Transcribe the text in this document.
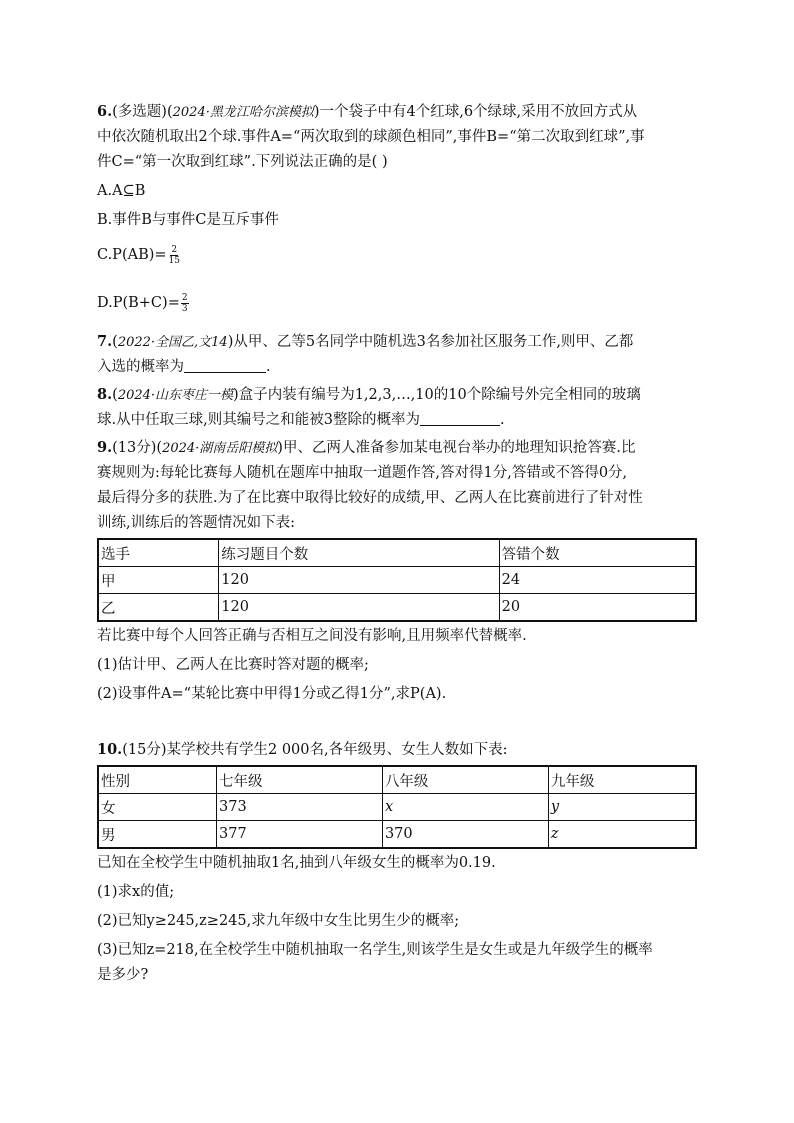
6.(多选题)(2024·黑龙江哈尔滨模拟)一个袋子中有4个红球,6个绿球,采用不放回方式从
中依次随机取出2个球.事件A=“两次取到的球颜色相同”,事件B=“第二次取到红球”,事
件C=“第一次取到红球”.下列说法正确的是( )
A.A⊆B
B.事件B与事件C是互斥事件
$C.P(AB)= \frac{2}{15}$
$D.P(B+C)= \frac{2}{3}$
7.(2022·全国乙,文14)从甲、乙等5名同学中随机选3名参加社区服务工作,则甲、乙都
入选的概率为	.
8.(2024·山东枣庄一模)盒子内装有编号为1,2,3,…,10的10个除编号外完全相同的玻璃
球.从中任取三球,则其编号之和能被3整除的概率为	.
9.(13分)(2024·湖南岳阳模拟)甲、乙两人准备参加某电视台举办的地理知识抢答赛.比
赛规则为:每轮比赛每人随机在题库中抽取一道题作答,答对得1分,答错或不答得0分,
最后得分多的获胜.为了在比赛中取得比较好的成绩,甲、乙两人在比赛前进行了针对性
训练,训练后的答题情况如下表:
选手	练习题目个数	答错个数
甲	120	24
乙	120	20
若比赛中每个人回答正确与否相互之间没有影响,且用频率代替概率.
(1)估计甲、乙两人在比赛时答对题的概率;
(2)设事件A=“某轮比赛中甲得1分或乙得1分”,求P(A).
10.(15分)某学校共有学生2 000名,各年级男、女生人数如下表:
性别	七年级	八年级	九年级
女	373	x	y
男	377	370	z
已知在全校学生中随机抽取1名,抽到八年级女生的概率为0.19.
(1)求x的值;
(2)已知y≥245,z≥245,求九年级中女生比男生少的概率;
(3)已知z=218,在全校学生中随机抽取一名学生,则该学生是女生或是九年级学生的概率
是多少?
